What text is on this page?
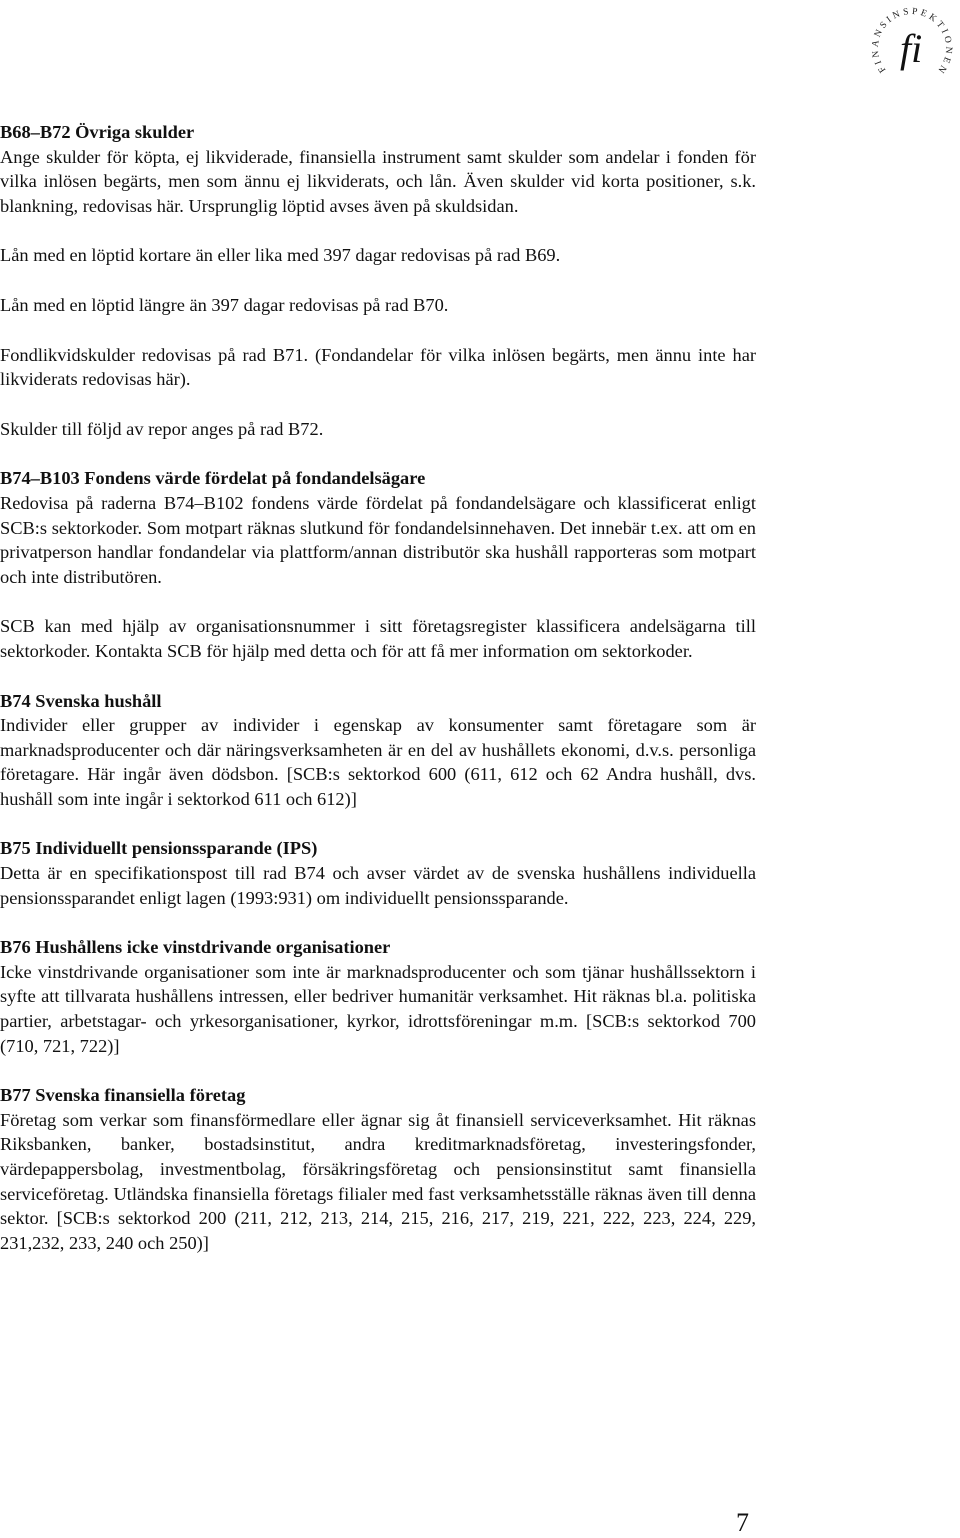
FI NSINSPEKTIONEN
fi

B68–B72 Övriga skulder

Ange skulder för köpta, ej likviderade, finansiella instrument samt skulder som andelar i fonden för vilka inlösen begärts, men som ännu ej likviderats, och lån. Även skulder vid korta positioner, s.k. blankning, redovisas här. Ursprunglig löptid avses även på skuldsidan.

Lån med en löptid kortare än eller lika med 397 dagar redovisas på rad B69.

Lån med en löptid längre än 397 dagar redovisas på rad B70.

Fondlikvidskulder redovisas på rad B71. (Fondandelar för vilka inlösen begärts, men ännu inte har likviderats redovisas här).

Skulder till följd av repor anges på rad B72.

B74–B103 Fondens värde fördelat på fondandelsägare

Redovisa på raderna B74–B102 fondens värde fördelat på fondandelsägare och klassificerat enligt SCB:s sektorkoder. Som motpart räknas slutkund för fondandelsinnehaven. Det innebär t.ex. att om en privatperson handlar fondandelar via plattform/annan distributör ska hushåll rapporteras som motpart och inte distributören.

SCB kan med hjälp av organisationsnummer i sitt företagsregister klassificera andelsägarna till sektorkoder. Kontakta SCB för hjälp med detta och för att få mer information om sektorkoder.

B74 Svenska hushåll

Individer eller grupper av individer i egenskap av konsumenter samt företagare som är marknadsproducenter och där näringsverksamheten är en del av hushållets ekonomi, d.v.s. personliga företagare. Här ingår även dödsbon. [SCB:s sektorkod 600 (611, 612 och 62 Andra hushåll, dvs. hushåll som inte ingår i sektorkod 611 och 612)]

B75 Individuellt pensionssparande (IPS)

Detta är en specifikationspost till rad B74 och avser värdet av de svenska hushållens individuella pensionssparandet enligt lagen (1993:931) om individuellt pensionssparande.

B76 Hushållens icke vinstdrivande organisationer

Icke vinstdrivande organisationer som inte är marknadsproducenter och som tjänar hushållssektorn i syfte att tillvarata hushållens intressen, eller bedriver humanitär verksamhet. Hit räknas bl.a. politiska partier, arbetstagar- och yrkesorganisationer, kyrkor, idrottsföreningar m.m. [SCB:s sektorkod 700 (710, 721, 722)]

B77 Svenska finansiella företag

Företag som verkar som finansförmedlare eller ägnar sig åt finansiell serviceverksamhet. Hit räknas Riksbanken, banker, bostadsinstitut, andra kreditmarknadsföretag, investeringsfonder, värdepappersbolag, investmentbolag, försäkringsföretag och pensionsinstitut samt finansiella serviceföretag. Utländska finansiella företags filialer med fast verksamhetsställe räknas även till denna sektor. [SCB:s sektorkod 200 (211, 212, 213, 214, 215, 216, 217, 219, 221, 222, 223, 224, 229, 231,232, 233, 240 och 250)]

7
